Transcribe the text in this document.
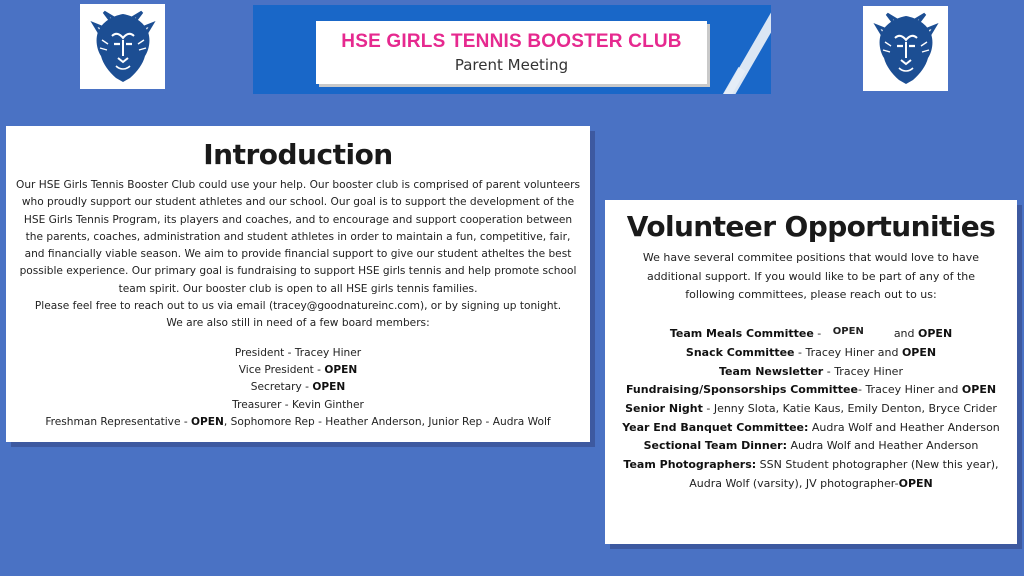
HSE GIRLS TENNIS BOOSTER CLUB
Parent Meeting
Introduction
Our HSE Girls Tennis Booster Club could use your help. Our booster club is comprised of parent volunteers
who proudly support our student athletes and our school. Our goal is to support the development of the
HSE Girls Tennis Program, its players and coaches, and to encourage and support cooperation between
the parents, coaches, administration and student athletes in order to maintain a fun, competitive, fair,
and financially viable season. We aim to provide financial support to give our student atheltes the best
possible experience. Our primary goal is fundraising to support HSE girls tennis and help promote school
team spirit. Our booster club is open to all HSE girls tennis families.
Please feel free to reach out to us via email (tracey@goodnatureinc.com), or by signing up tonight.
We are also still in need of a few board members:
President - Tracey Hiner
Vice President - OPEN
Secretary - OPEN
Treasurer - Kevin Ginther
Freshman Representative - OPEN, Sophomore Rep - Heather Anderson, Junior Rep - Audra Wolf
Volunteer Opportunities
We have several commitee positions that would love to have
additional support. If you would like to be part of any of the
following committees, please reach out to us:
Team Meals Committee - OPEN	and OPEN
Snack Committee - Tracey Hiner and OPEN
Team Newsletter - Tracey Hiner
Fundraising/Sponsorships Committee- Tracey Hiner and OPEN
Senior Night - Jenny Slota, Katie Kaus, Emily Denton, Bryce Crider
Year End Banquet Committee: Audra Wolf and Heather Anderson
Sectional Team Dinner: Audra Wolf and Heather Anderson
Team Photographers: SSN Student photographer (New this year),
Audra Wolf (varsity), JV photographer-OPEN
